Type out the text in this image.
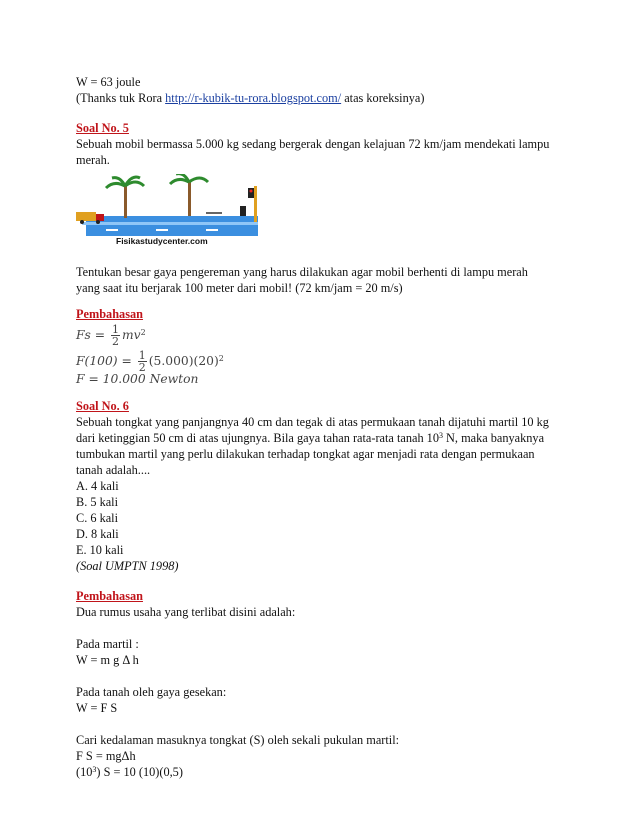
W = 63 joule
(Thanks tuk Rora http://r-kubik-tu-rora.blogspot.com/ atas koreksinya)
Soal No. 5
Sebuah mobil bermassa 5.000 kg sedang bergerak dengan kelajuan 72 km/jam mendekati lampu
merah.
Fisikastudycenter.com
Tentukan besar gaya pengereman yang harus dilakukan agar mobil berhenti di lampu merah
yang saat itu berjarak 100 meter dari mobil! (72 km/jam = 20 m/s)
Pembahasan
$Fs = \frac{1}{2} mv^2$
$F(100) = \frac{1}{2} (5.000)(20)^2$
F = 10.000 Newton
Soal No. 6
Sebuah tongkat yang panjangnya 40 cm dan tegak di atas permukaan tanah dijatuhi martil 10 kg
dari ketinggian 50 cm di atas ujungnya. Bila gaya tahan rata-rata tanah $10^3$ N, maka banyaknya
tumbukan martil yang perlu dilakukan terhadap tongkat agar menjadi rata dengan permukaan
tanah adalah....
A. 4 kali
B. 5 kali
C. 6 kali
D. 8 kali
E. 10 kali
(Soal UMPTN 1998)
Pembahasan
Dua rumus usaha yang terlibat disini adalah:
Pada martil :
W = m g Δ h
Pada tanah oleh gaya gesekan:
W = F S
Cari kedalaman masuknya tongkat (S) oleh sekali pukulan martil:
F S = mgΔh
$(10^3) S = 10$ (10)(0,5)
